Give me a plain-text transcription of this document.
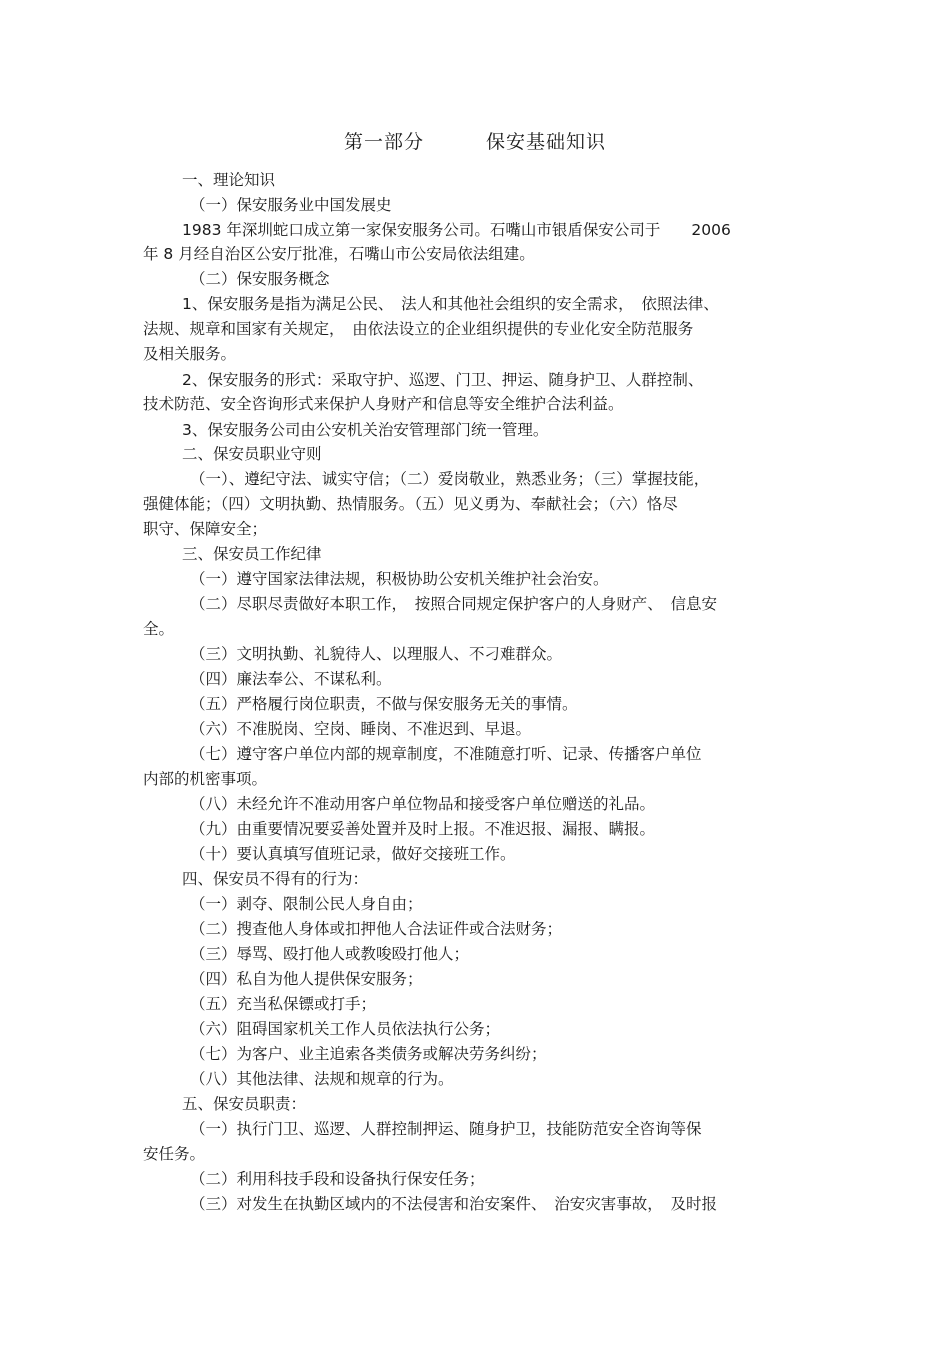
第一部分	保安基础知识
一、理论知识
（一）保安服务业中国发展史
1983 年深圳蛇口成立第一家保安服务公司。石嘴山市银盾保安公司于　　2006
年 8 月经自治区公安厅批准，石嘴山市公安局依法组建。
（二）保安服务概念
1、保安服务是指为满足公民、　法人和其他社会组织的安全需求，　依照法律、
法规、规章和国家有关规定，　由依法设立的企业组织提供的专业化安全防范服务
及相关服务。
2、保安服务的形式：采取守护、巡逻、门卫、押运、随身护卫、人群控制、
技术防范、安全咨询形式来保护人身财产和信息等安全维护合法利益。
3、保安服务公司由公安机关治安管理部门统一管理。
二、保安员职业守则
（一）、遵纪守法、诚实守信；（二）爱岗敬业，熟悉业务；（三）掌握技能，
强健体能；（四）文明执勤、热情服务。（五）见义勇为、奉献社会；（六）恪尽
职守、保障安全；
三、保安员工作纪律
（一）遵守国家法律法规，积极协助公安机关维护社会治安。
（二）尽职尽责做好本职工作，　按照合同规定保护客户的人身财产、　信息安
全。
（三）文明执勤、礼貌待人、以理服人、不刁难群众。
（四）廉法奉公、不谋私利。
（五）严格履行岗位职责，不做与保安服务无关的事情。
（六）不准脱岗、空岗、睡岗、不准迟到、早退。
（七）遵守客户单位内部的规章制度，不准随意打听、记录、传播客户单位
内部的机密事项。
（八）未经允许不准动用客户单位物品和接受客户单位赠送的礼品。
（九）由重要情况要妥善处置并及时上报。不准迟报、漏报、瞒报。
（十）要认真填写值班记录，做好交接班工作。
四、保安员不得有的行为：
（一）剥夺、限制公民人身自由；
（二）搜查他人身体或扣押他人合法证件或合法财务；
（三）辱骂、殴打他人或教唆殴打他人；
（四）私自为他人提供保安服务；
（五）充当私保镖或打手；
（六）阻碍国家机关工作人员依法执行公务；
（七）为客户、业主追索各类债务或解决劳务纠纷；
（八）其他法律、法规和规章的行为。
五、保安员职责：
（一）执行门卫、巡逻、人群控制押运、随身护卫，技能防范安全咨询等保
安任务。
（二）利用科技手段和设备执行保安任务；
（三）对发生在执勤区域内的不法侵害和治安案件、　治安灾害事故，　及时报
